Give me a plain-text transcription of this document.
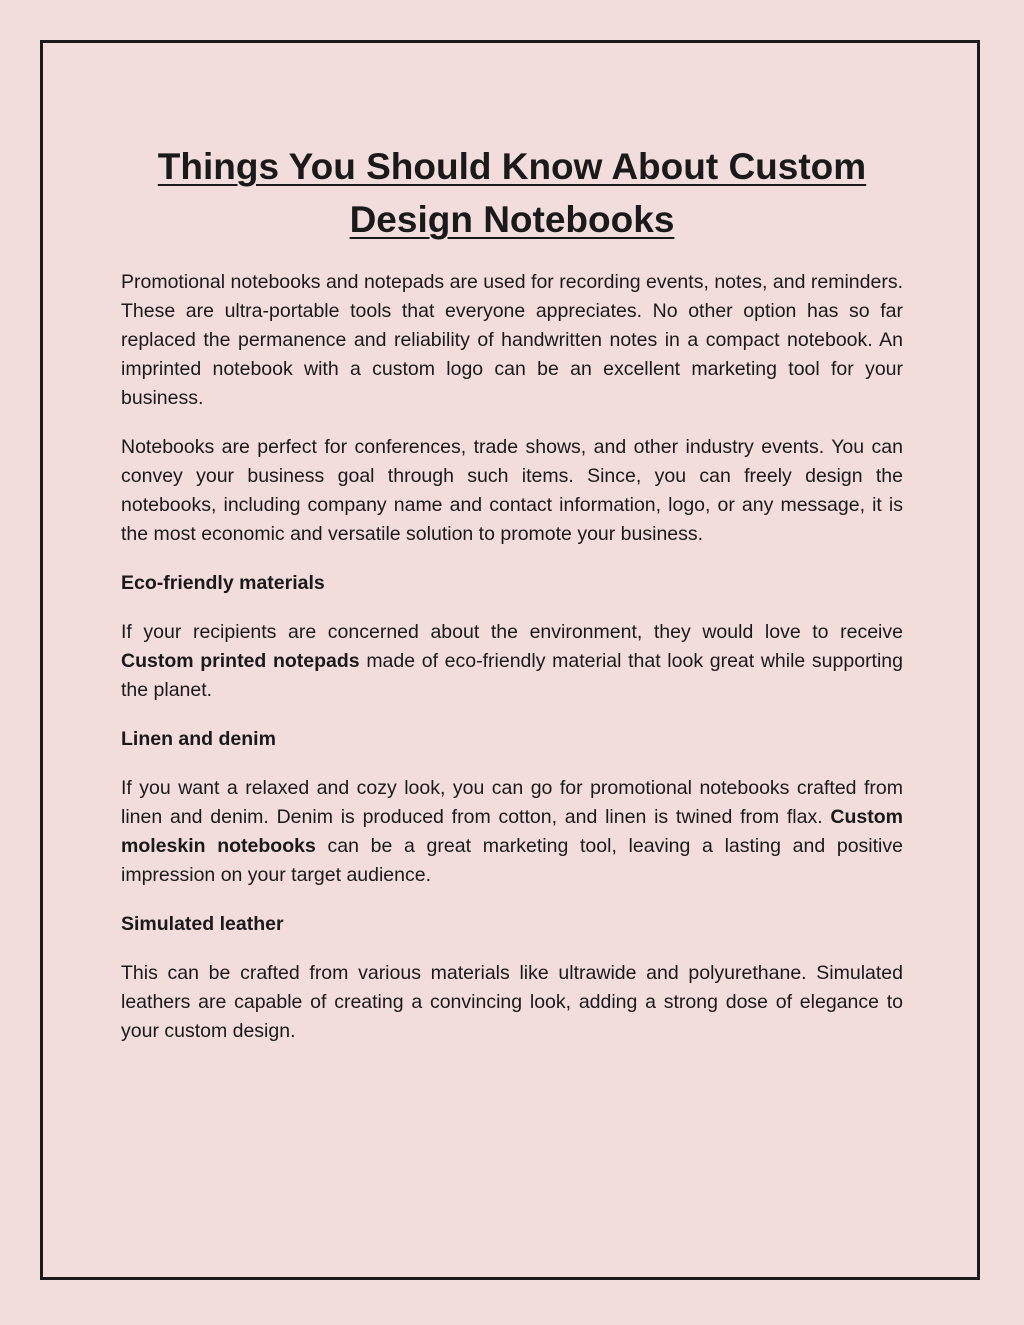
Things You Should Know About Custom Design Notebooks

Promotional notebooks and notepads are used for recording events, notes, and reminders. These are ultra-portable tools that everyone appreciates. No other option has so far replaced the permanence and reliability of handwritten notes in a compact notebook. An imprinted notebook with a custom logo can be an excellent marketing tool for your business.

Notebooks are perfect for conferences, trade shows, and other industry events. You can convey your business goal through such items. Since, you can freely design the notebooks, including company name and contact information, logo, or any message, it is the most economic and versatile solution to promote your business.

Eco-friendly materials

If your recipients are concerned about the environment, they would love to receive Custom printed notepads made of eco-friendly material that look great while supporting the planet.

Linen and denim

If you want a relaxed and cozy look, you can go for promotional notebooks crafted from linen and denim. Denim is produced from cotton, and linen is twined from flax. Custom moleskin notebooks can be a great marketing tool, leaving a lasting and positive impression on your target audience.

Simulated leather

This can be crafted from various materials like ultrawide and polyurethane. Simulated leathers are capable of creating a convincing look, adding a strong dose of elegance to your custom design.
